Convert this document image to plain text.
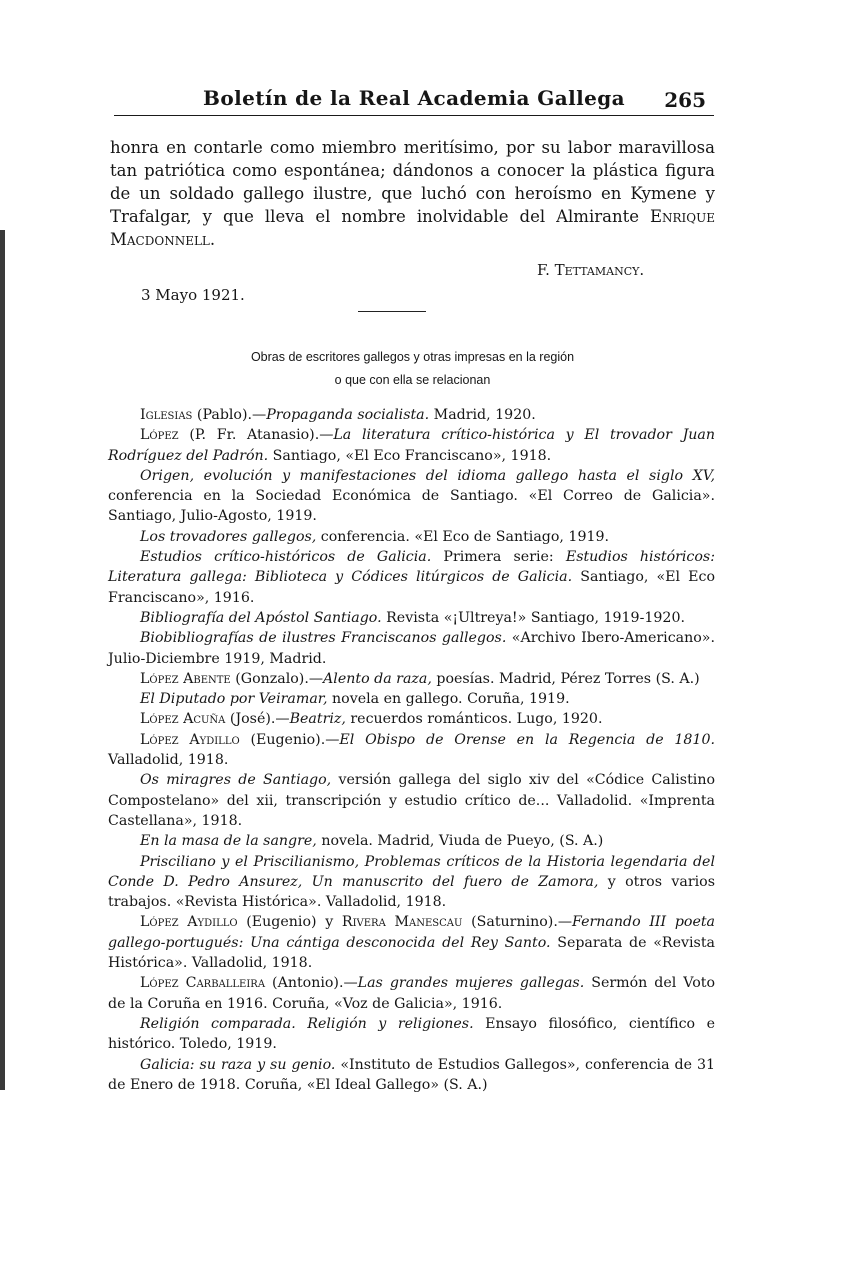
Boletín de la Real Academia Gallega	265

honra en contarle como miembro meritísimo, por su labor maravillosa tan patriótica como espontánea; dándonos a conocer la plástica figura de un soldado gallego ilustre, que luchó con heroísmo en Kymene y Trafalgar, y que lleva el nombre inolvidable del Almirante Enrique Macdonnell.

F. Tettamancy.
3 Mayo 1921.
Obras de escritores gallegos y otras impresas en la región
o que con ella se relacionan

Iglesias (Pablo).—Propaganda socialista. Madrid, 1920.

López (P. Fr. Atanasio).—La literatura crítico-histórica y El trovador Juan Rodríguez del Padrón. Santiago, «El Eco Franciscano», 1918.

Origen, evolución y manifestaciones del idioma gallego hasta el siglo XV, conferencia en la Sociedad Económica de Santiago. «El Correo de Galicia». Santiago, Julio-Agosto, 1919.

Los trovadores gallegos, conferencia. «El Eco de Santiago, 1919.

Estudios crítico-históricos de Galicia. Primera serie: Estudios históricos: Literatura gallega: Biblioteca y Códices litúrgicos de Galicia. Santiago, «El Eco Franciscano», 1916.

Bibliografía del Apóstol Santiago. Revista «¡Ultreya!» Santiago, 1919-1920.

Biobibliografías de ilustres Franciscanos gallegos. «Archivo Ibero-Americano». Julio-Diciembre 1919, Madrid.

López Abente (Gonzalo).—Alento da raza, poesías. Madrid, Pérez Torres (S. A.)

El Diputado por Veiramar, novela en gallego. Coruña, 1919.

López Acuña (José).—Beatriz, recuerdos románticos. Lugo, 1920.

López Aydillo (Eugenio).—El Obispo de Orense en la Regencia de 1810. Valladolid, 1918.

Os miragres de Santiago, versión gallega del siglo xiv del «Códice Calistino Compostelano» del xii, transcripción y estudio crítico de... Valladolid. «Imprenta Castellana», 1918.

En la masa de la sangre, novela. Madrid, Viuda de Pueyo, (S. A.)

Prisciliano y el Priscilianismo, Problemas críticos de la Historia legendaria del Conde D. Pedro Ansurez, Un manuscrito del fuero de Zamora, y otros varios trabajos. «Revista Histórica». Valladolid, 1918.

López Aydillo (Eugenio) y Rivera Manescau (Saturnino).—Fernando III poeta gallego-portugués: Una cántiga desconocida del Rey Santo. Separata de «Revista Histórica». Valladolid, 1918.

López Carballeira (Antonio).—Las grandes mujeres gallegas. Sermón del Voto de la Coruña en 1916. Coruña, «Voz de Galicia», 1916.

Religión comparada. Religión y religiones. Ensayo filosófico, científico e histórico. Toledo, 1919.

Galicia: su raza y su genio. «Instituto de Estudios Gallegos», conferencia de 31 de Enero de 1918. Coruña, «El Ideal Gallego» (S. A.)
